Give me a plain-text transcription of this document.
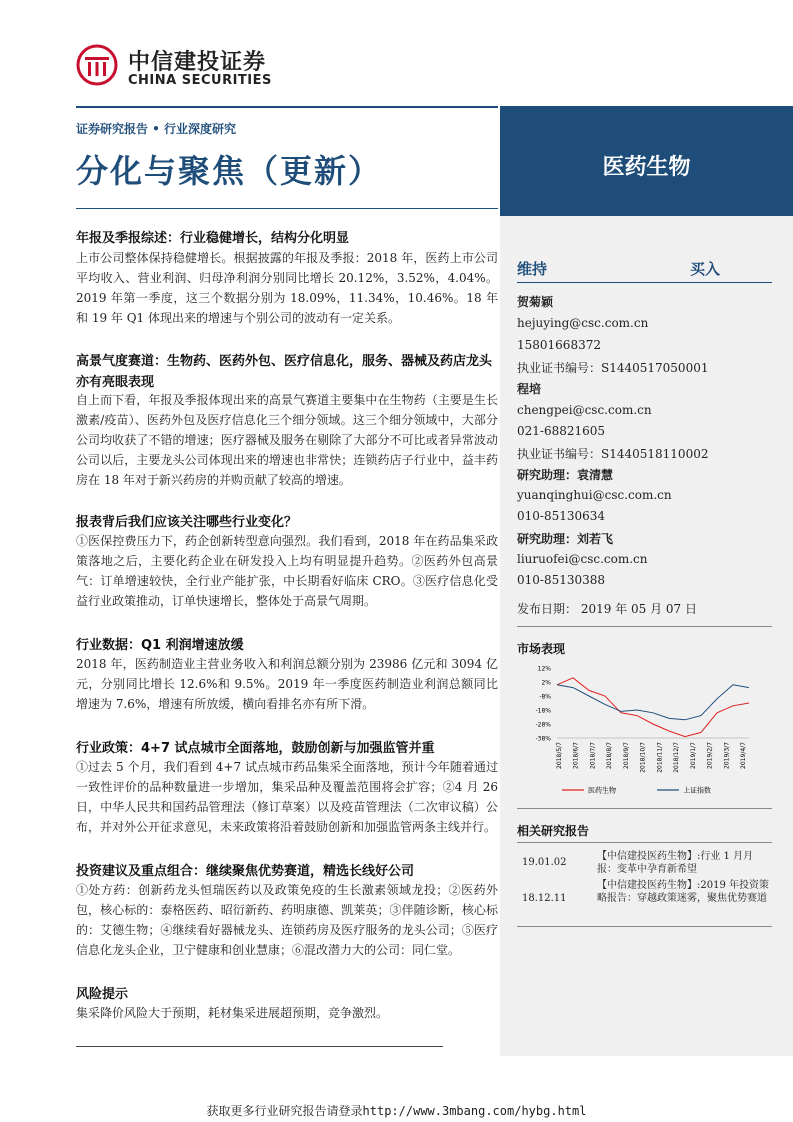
中信建投证券
CHINA SECURITIES
证券研究报告 • 行业深度研究
分化与聚焦（更新）	医药生物
维持	买入
贺菊颖
hejuying@csc.com.cn
15801668372
执业证书编号：S1440517050001
程培
chengpei@csc.com.cn
021-68821605
执业证书编号：S1440518110002
研究助理：袁清慧
yuanqinghui@csc.com.cn
010-85130634
研究助理：刘若飞
liuruofei@csc.com.cn
010-85130388
发布日期： 2019 年 05 月 07 日
市场表现
12%
2%
-8%
-18%
-28%
-38%
2018/5/7 2018/6/7 2018/7/7 2018/8/7 2018/9/7 2018/10/7 2018/11/7 2018/12/7 2019/1/7 2019/2/7 2019/3/7 2019/4/7
医药生物	上证指数
相关研究报告
19.01.02
【中信建投医药生物】:行业 1 月月报：变革中孕育新希望
18.12.11
【中信建投医药生物】:2019 年投资策略报告：穿越政策迷雾，聚焦优势赛道
年报及季报综述：行业稳健增长，结构分化明显
上市公司整体保持稳健增长。根据披露的年报及季报：2018 年，医药上市公司平均收入、营业利润、归母净利润分别同比增长 20.12%，3.52%，4.04%。2019 年第一季度，这三个数据分别为 18.09%，11.34%，10.46%。18 年和 19 年 Q1 体现出来的增速与个别公司的波动有一定关系。
高景气度赛道：生物药、医药外包、医疗信息化，服务、器械及药店龙头亦有亮眼表现
自上而下看，年报及季报体现出来的高景气赛道主要集中在生物药（主要是生长激素/疫苗）、医药外包及医疗信息化三个细分领域。这三个细分领域中，大部分公司均收获了不错的增速；医疗器械及服务在剔除了大部分不可比或者异常波动公司以后，主要龙头公司体现出来的增速也非常快；连锁药店子行业中，益丰药房在 18 年对于新兴药房的并购贡献了较高的增速。
报表背后我们应该关注哪些行业变化？
①医保控费压力下，药企创新转型意向强烈。我们看到，2018 年在药品集采政策落地之后，主要化药企业在研发投入上均有明显提升趋势。②医药外包高景气：订单增速较快，全行业产能扩张，中长期看好临床 CRO。③医疗信息化受益行业政策推动，订单快速增长，整体处于高景气周期。
行业数据：Q1 利润增速放缓
2018 年，医药制造业主营业务收入和利润总额分别为 23986 亿元和 3094 亿元，分别同比增长 12.6%和 9.5%。2019 年一季度医药制造业利润总额同比增速为 7.6%，增速有所放缓，横向看排名亦有所下滑。
行业政策：4+7 试点城市全面落地，鼓励创新与加强监管并重
①过去 5 个月，我们看到 4+7 试点城市药品集采全面落地，预计今年随着通过一致性评价的品种数量进一步增加，集采品种及覆盖范围将会扩容；②4 月 26 日，中华人民共和国药品管理法（修订草案）以及疫苗管理法（二次审议稿）公布，并对外公开征求意见，未来政策将沿着鼓励创新和加强监管两条主线并行。
投资建议及重点组合：继续聚焦优势赛道，精选长线好公司
①处方药：创新药龙头恒瑞医药以及政策免疫的生长激素领域龙投；②医药外包，核心标的：泰格医药、昭衍新药、药明康德、凯莱英；③伴随诊断，核心标的：艾德生物；④继续看好器械龙头、连锁药房及医疗服务的龙头公司；⑤医疗信息化龙头企业，卫宁健康和创业慧康；⑥混改潜力大的公司：同仁堂。
风险提示
集采降价风险大于预期，耗材集采进展超预期，竞争激烈。
获取更多行业研究报告请登录http://www.3mbang.com/hybg.html
